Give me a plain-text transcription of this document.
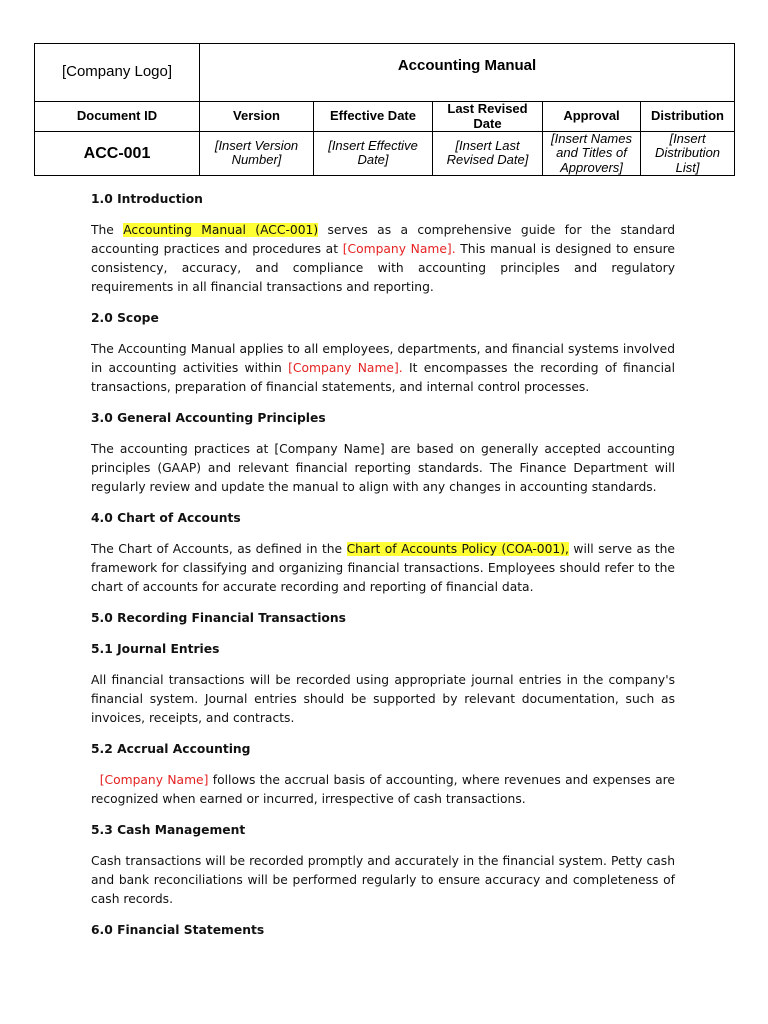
[Company Logo]	Accounting Manual				
Document ID	Version	Effective Date	Last Revised Date	Approval	Distribution
ACC-001	[Insert Version Number]	[Insert Effective Date]	[Insert Last Revised Date]	[Insert Names and Titles of Approvers]	[Insert Distribution List]
1.0 Introduction

The Accounting Manual (ACC-001) serves as a comprehensive guide for the standard accounting practices and procedures at [Company Name]. This manual is designed to ensure consistency, accuracy, and compliance with accounting principles and regulatory requirements in all financial transactions and reporting.

2.0 Scope

The Accounting Manual applies to all employees, departments, and financial systems involved in accounting activities within [Company Name]. It encompasses the recording of financial transactions, preparation of financial statements, and internal control processes.

3.0 General Accounting Principles

The accounting practices at [Company Name] are based on generally accepted accounting principles (GAAP) and relevant financial reporting standards. The Finance Department will regularly review and update the manual to align with any changes in accounting standards.

4.0 Chart of Accounts

The Chart of Accounts, as defined in the Chart of Accounts Policy (COA-001), will serve as the framework for classifying and organizing financial transactions. Employees should refer to the chart of accounts for accurate recording and reporting of financial data.

5.0 Recording Financial Transactions
5.1 Journal Entries

All financial transactions will be recorded using appropriate journal entries in the company's financial system. Journal entries should be supported by relevant documentation, such as invoices, receipts, and contracts.

5.2 Accrual Accounting

[Company Name] follows the accrual basis of accounting, where revenues and expenses are recognized when earned or incurred, irrespective of cash transactions.

5.3 Cash Management

Cash transactions will be recorded promptly and accurately in the financial system. Petty cash and bank reconciliations will be performed regularly to ensure accuracy and completeness of cash records.

6.0 Financial Statements
